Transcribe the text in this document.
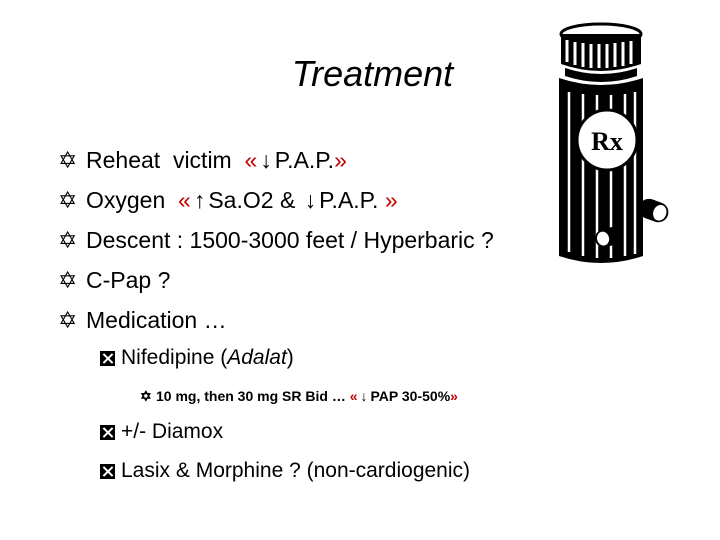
Treatment
✡ Reheat  victim « ↓ P.A.P. »
✡ Oxygen « ↑ Sa.O2 & ↓ P.A.P. »
✡ Descent : 1500-3000 feet / Hyperbaric ?
✡ C-Pap ?
✡ Medication …
Nifedipine ( Adalat )
✡ 10 mg, then 30 mg SR Bid … « ↓ PAP 30-50% »
+/- Diamox
Lasix & Morphine ? (non-cardiogenic)
Rx
